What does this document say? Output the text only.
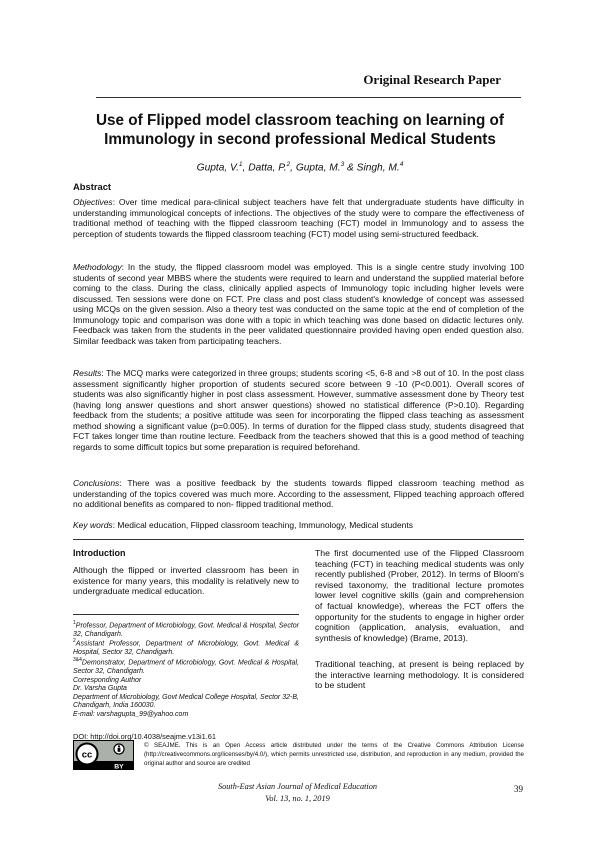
Original Research Paper
Use of Flipped model classroom teaching on learning of Immunology in second professional Medical Students
Gupta, V.$^1$, Datta, P.$^2$, Gupta, M.$^3$ & Singh, M.$^4$
Abstract
Objectives: Over time medical para-clinical subject teachers have felt that undergraduate students have difficulty in understanding immunological concepts of infections. The objectives of the study were to compare the effectiveness of traditional method of teaching with the flipped classroom teaching (FCT) model in Immunology and to assess the perception of students towards the flipped classroom teaching (FCT) model using semi-structured feedback.
Methodology: In the study, the flipped classroom model was employed. This is a single centre study involving 100 students of second year MBBS where the students were required to learn and understand the supplied material before coming to the class. During the class, clinically applied aspects of Immunology topic including higher levels were discussed. Ten sessions were done on FCT. Pre class and post class student's knowledge of concept was assessed using MCQs on the given session. Also a theory test was conducted on the same topic at the end of completion of the Immunology topic and comparison was done with a topic in which teaching was done based on didactic lectures only. Feedback was taken from the students in the peer validated questionnaire provided having open ended question also. Similar feedback was taken from participating teachers.
Results: The MCQ marks were categorized in three groups; students scoring <5, 6-8 and >8 out of 10. In the post class assessment significantly higher proportion of students secured score between 9 -10 (P<0.001). Overall scores of students was also significantly higher in post class assessment. However, summative assessment done by Theory test (having long answer questions and short answer questions) showed no statistical difference (P>0.10). Regarding feedback from the students; a positive attitude was seen for incorporating the flipped class teaching as assessment method showing a significant value (p=0.005). In terms of duration for the flipped class study, students disagreed that FCT takes longer time than routine lecture. Feedback from the teachers showed that this is a good method of teaching regards to some difficult topics but some preparation is required beforehand.
Conclusions: There was a positive feedback by the students towards flipped classroom teaching method as understanding of the topics covered was much more. According to the assessment, Flipped teaching approach offered no additional benefits as compared to non- flipped traditional method.
Key words: Medical education, Flipped classroom teaching, Immunology, Medical students
Introduction
Although the flipped or inverted classroom has been in existence for many years, this modality is relatively new to undergraduate medical education.
$^1$Professor, Department of Microbiology, Govt. Medical & Hospital, Sector 32, Chandigarh.
$^2$Assistant Professor, Department of Microbiology, Govt. Medical & Hospital, Sector 32, Chandigarh.
$^{3\&4}$Demonstrator, Department of Microbiology, Govt. Medical & Hospital, Sector 32, Chandigarh.
Corresponding Author
Dr. Varsha Gupta
Department of Microbiology, Govt Medical College Hospital, Sector 32-B, Chandigarh, India 160030.
E-mail: varshagupta_99@yahoo.com
The first documented use of the Flipped Classroom teaching (FCT) in teaching medical students was only recently published (Prober, 2012). In terms of Bloom's revised taxonomy, the traditional lecture promotes lower level cognitive skills (gain and comprehension of factual knowledge), whereas the FCT offers the opportunity for the students to engage in higher order cognition (application, analysis, evaluation, and synthesis of knowledge) (Brame, 2013).
Traditional teaching, at present is being replaced by the interactive learning methodology. It is considered to be student
DOI: http://doi.org/10.4038/seajme.v13i1.61
cc
BY
© SEAJME. This is an Open Access article distributed under the terms of the Creative Commons Attribution License (http://creativecommons.org/licenses/by/4.0/), which permits unrestricted use, distribution, and reproduction in any medium, provided the original author and source are credited
South-East Asian Journal of Medical Education
Vol. 13, no. 1, 2019
39
